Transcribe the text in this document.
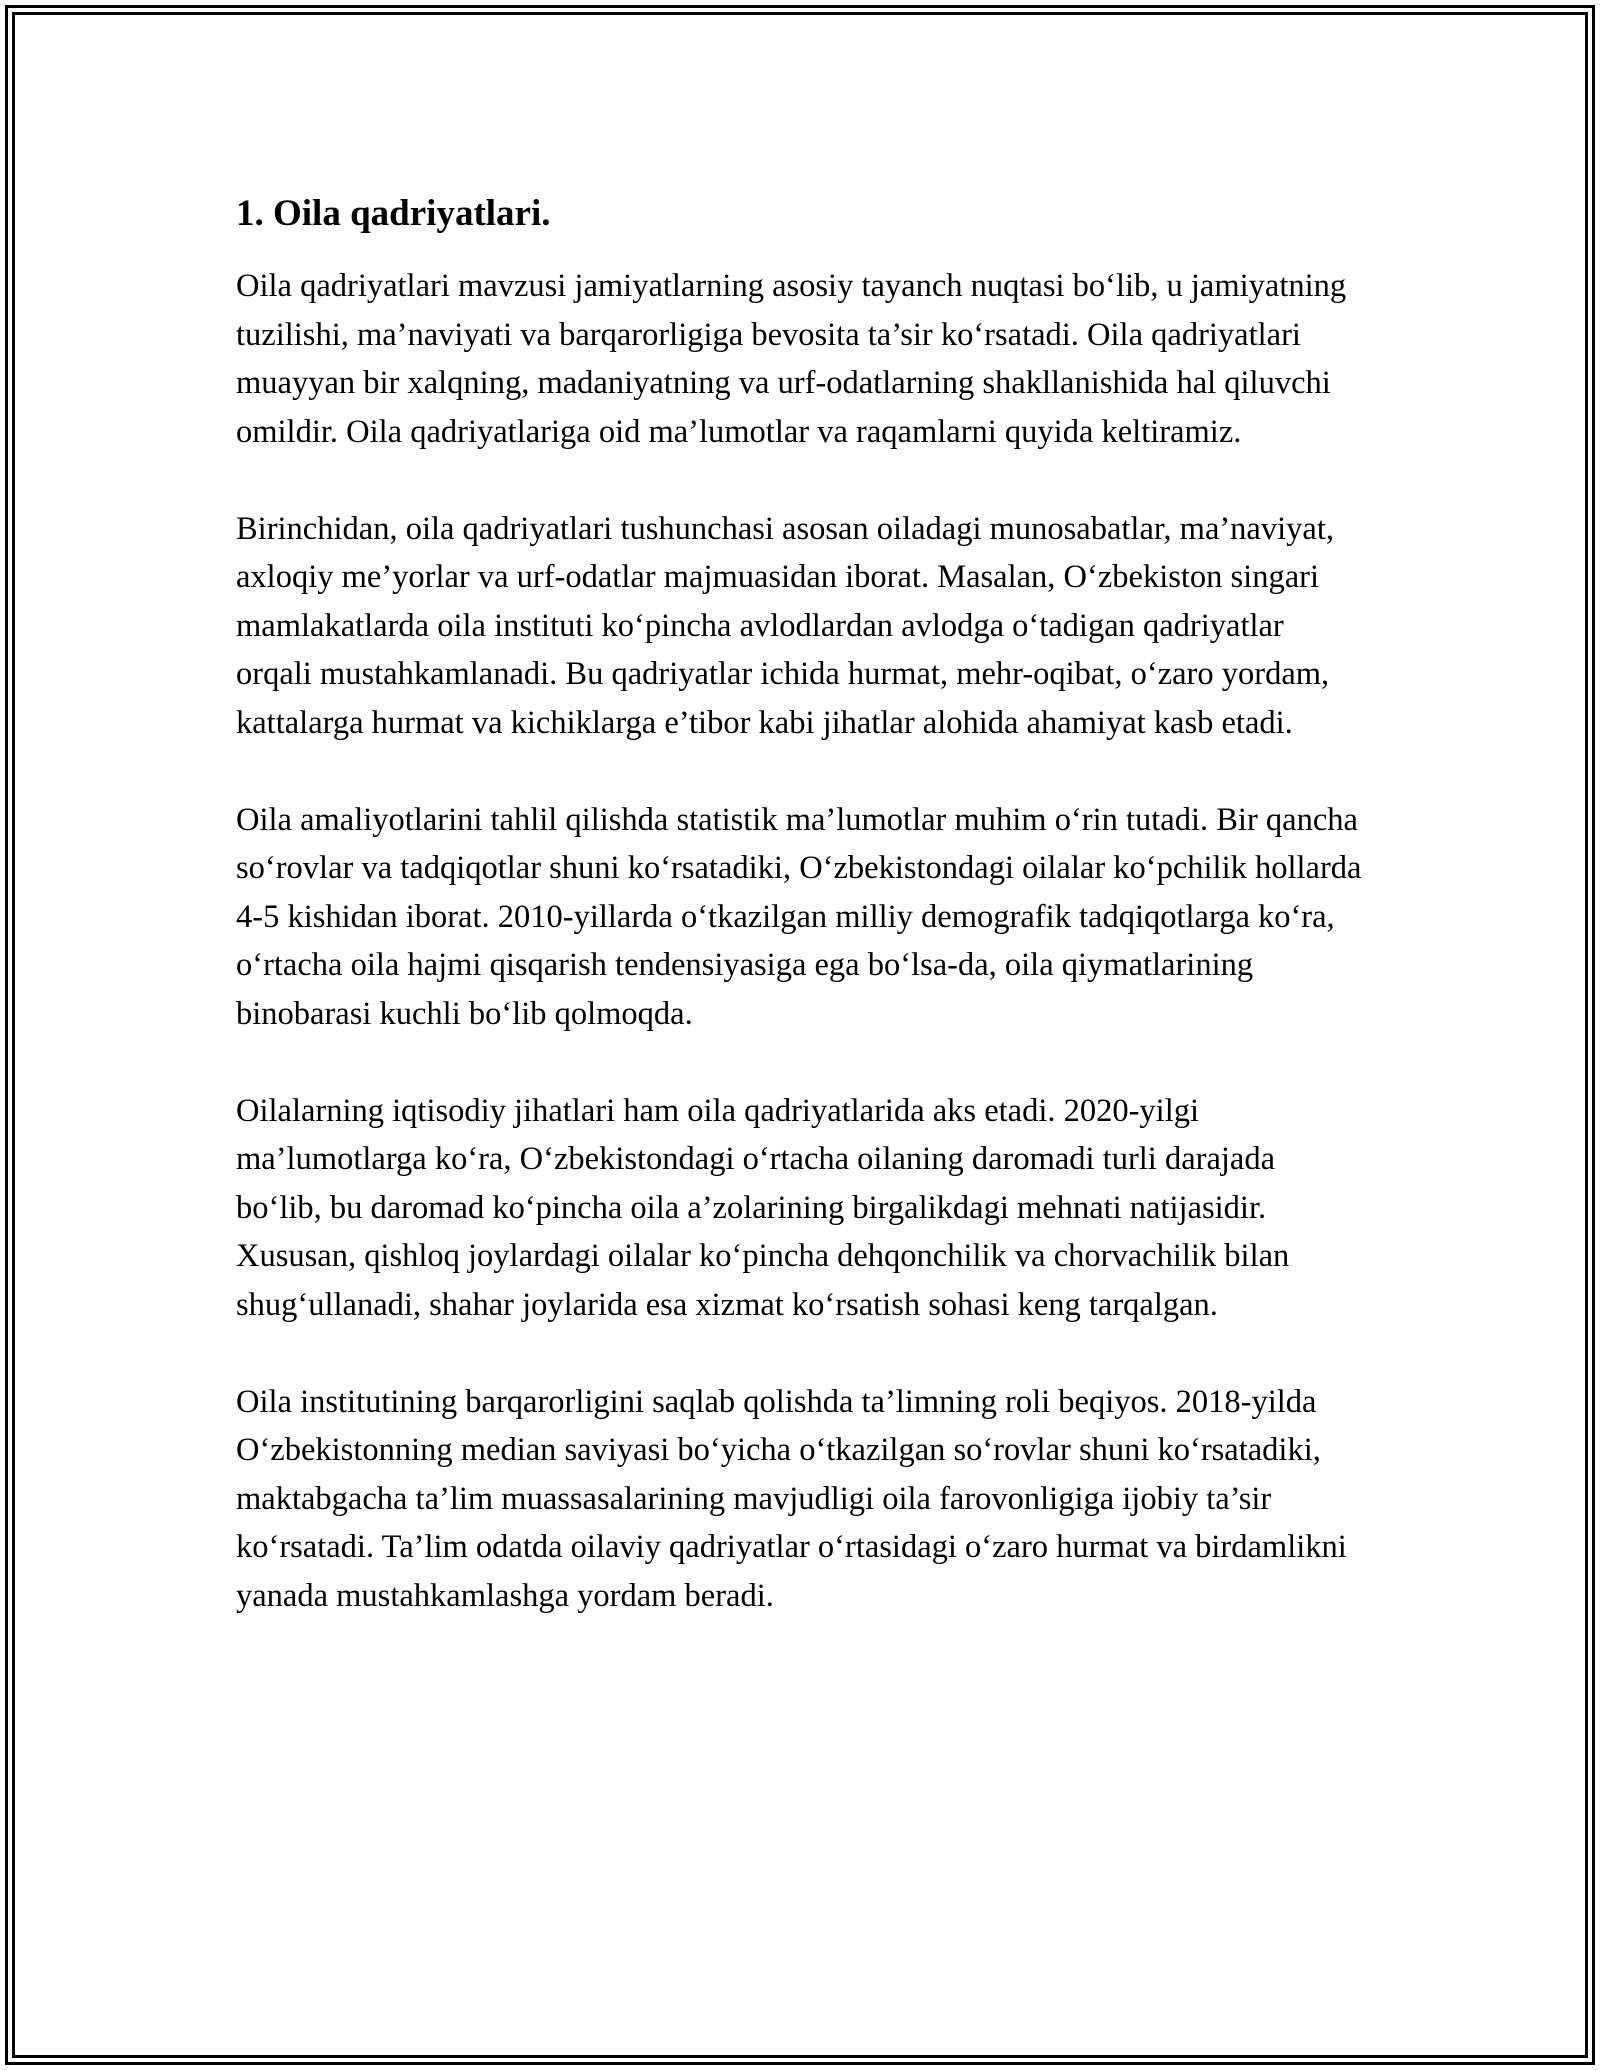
1. Oila qadriyatlari.

Oila qadriyatlari mavzusi jamiyatlarning asosiy tayanch nuqtasi bo‘lib, u jamiyatning tuzilishi, ma’naviyati va barqarorligiga bevosita ta’sir ko‘rsatadi. Oila qadriyatlari muayyan bir xalqning, madaniyatning va urf-odatlarning shakllanishida hal qiluvchi omildir. Oila qadriyatlariga oid ma’lumotlar va raqamlarni quyida keltiramiz.

Birinchidan, oila qadriyatlari tushunchasi asosan oiladagi munosabatlar, ma’naviyat, axloqiy me’yorlar va urf-odatlar majmuasidan iborat. Masalan, O‘zbekiston singari mamlakatlarda oila instituti ko‘pincha avlodlardan avlodga o‘tadigan qadriyatlar orqali mustahkamlanadi. Bu qadriyatlar ichida hurmat, mehr-oqibat, o‘zaro yordam, kattalarga hurmat va kichiklarga e’tibor kabi jihatlar alohida ahamiyat kasb etadi.

Oila amaliyotlarini tahlil qilishda statistik ma’lumotlar muhim o‘rin tutadi. Bir qancha so‘rovlar va tadqiqotlar shuni ko‘rsatadiki, O‘zbekistondagi oilalar ko‘pchilik hollarda 4-5 kishidan iborat. 2010-yillarda o‘tkazilgan milliy demografik tadqiqotlarga ko‘ra, o‘rtacha oila hajmi qisqarish tendensiyasiga ega bo‘lsa-da, oila qiymatlarining binobarasi kuchli bo‘lib qolmoqda.

Oilalarning iqtisodiy jihatlari ham oila qadriyatlarida aks etadi. 2020-yilgi ma’lumotlarga ko‘ra, O‘zbekistondagi o‘rtacha oilaning daromadi turli darajada bo‘lib, bu daromad ko‘pincha oila a’zolarining birgalikdagi mehnati natijasidir. Xususan, qishloq joylardagi oilalar ko‘pincha dehqonchilik va chorvachilik bilan shug‘ullanadi, shahar joylarida esa xizmat ko‘rsatish sohasi keng tarqalgan.

Oila institutining barqarorligini saqlab qolishda ta’limning roli beqiyos. 2018-yilda O‘zbekistonning median saviyasi bo‘yicha o‘tkazilgan so‘rovlar shuni ko‘rsatadiki, maktabgacha ta’lim muassasalarining mavjudligi oila farovonligiga ijobiy ta’sir ko‘rsatadi. Ta’lim odatda oilaviy qadriyatlar o‘rtasidagi o‘zaro hurmat va birdamlikni yanada mustahkamlashga yordam beradi.
